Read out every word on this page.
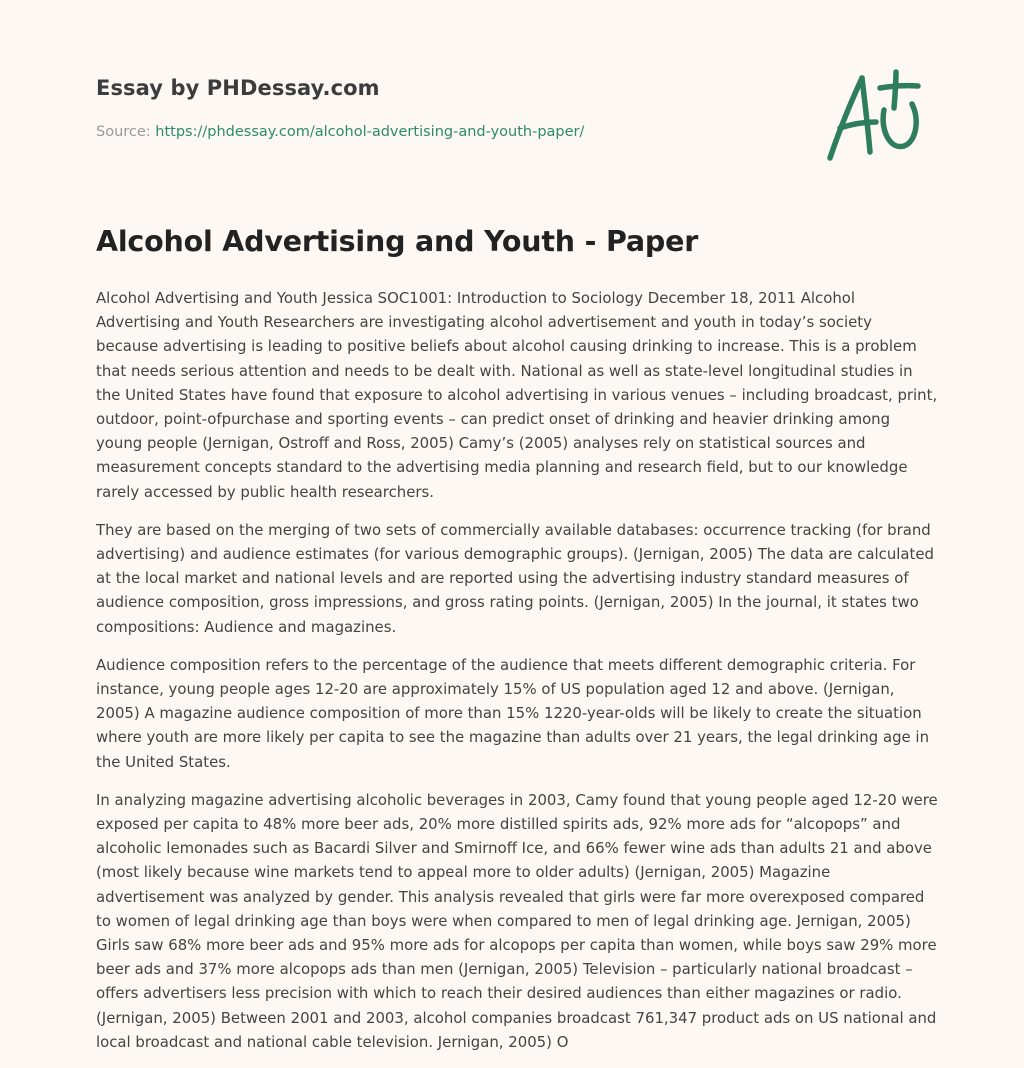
Essay by PHDessay.com
Source: https://phdessay.com/alcohol-advertising-and-youth-paper/
Alcohol Advertising and Youth - Paper

Alcohol Advertising and Youth Jessica SOC1001: Introduction to Sociology December 18, 2011 Alcohol Advertising and Youth Researchers are investigating alcohol advertisement and youth in today’s society because advertising is leading to positive beliefs about alcohol causing drinking to increase. This is a problem that needs serious attention and needs to be dealt with. National as well as state-level longitudinal studies in the United States have found that exposure to alcohol advertising in various venues – including broadcast, print, outdoor, point-ofpurchase and sporting events – can predict onset of drinking and heavier drinking among young people (Jernigan, Ostroff and Ross, 2005) Camy’s (2005) analyses rely on statistical sources and measurement concepts standard to the advertising media planning and research field, but to our knowledge rarely accessed by public health researchers.

They are based on the merging of two sets of commercially available databases: occurrence tracking (for brand advertising) and audience estimates (for various demographic groups). (Jernigan, 2005) The data are calculated at the local market and national levels and are reported using the advertising industry standard measures of audience composition, gross impressions, and gross rating points. (Jernigan, 2005) In the journal, it states two compositions: Audience and magazines.

Audience composition refers to the percentage of the audience that meets different demographic criteria. For instance, young people ages 12-20 are approximately 15% of US population aged 12 and above. (Jernigan, 2005) A magazine audience composition of more than 15% 1220-year-olds will be likely to create the situation where youth are more likely per capita to see the magazine than adults over 21 years, the legal drinking age in the United States.

In analyzing magazine advertising alcoholic beverages in 2003, Camy found that young people aged 12-20 were exposed per capita to 48% more beer ads, 20% more distilled spirits ads, 92% more ads for “alcopops” and alcoholic lemonades such as Bacardi Silver and Smirnoff Ice, and 66% fewer wine ads than adults 21 and above (most likely because wine markets tend to appeal more to older adults) (Jernigan, 2005) Magazine advertisement was analyzed by gender. This analysis revealed that girls were far more overexposed compared to women of legal drinking age than boys were when compared to men of legal drinking age. Jernigan, 2005) Girls saw 68% more beer ads and 95% more ads for alcopops per capita than women, while boys saw 29% more beer ads and 37% more alcopops ads than men (Jernigan, 2005) Television – particularly national broadcast – offers advertisers less precision with which to reach their desired audiences than either magazines or radio. (Jernigan, 2005) Between 2001 and 2003, alcohol companies broadcast 761,347 product ads on US national and local broadcast and national cable television. Jernigan, 2005) O
